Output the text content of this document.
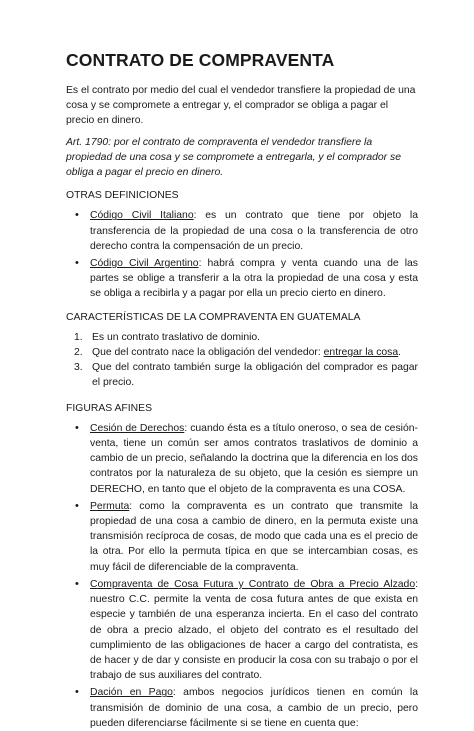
CONTRATO DE COMPRAVENTA

Es el contrato por medio del cual el vendedor transfiere la propiedad de una cosa y se compromete a entregar y, el comprador se obliga a pagar el precio en dinero.

Art. 1790: por el contrato de compraventa el vendedor transfiere la propiedad de una cosa y se compromete a entregarla, y el comprador se obliga a pagar el precio en dinero.

OTRAS DEFINICIONES
• Código Civil Italiano: es un contrato que tiene por objeto la transferencia de la propiedad de una cosa o la transferencia de otro derecho contra la compensación de un precio.
• Código Civil Argentino: habrá compra y venta cuando una de las partes se oblige a transferir a la otra la propiedad de una cosa y esta se obliga a recibirla y a pagar por ella un precio cierto en dinero.
CARACTERÍSTICAS DE LA COMPRAVENTA EN GUATEMALA
1. Es un contrato traslativo de dominio.
2. Que del contrato nace la obligación del vendedor: entregar la cosa.
3. Que del contrato también surge la obligación del comprador es pagar el precio.
FIGURAS AFINES
• Cesión de Derechos: cuando ésta es a título oneroso, o sea de cesión-venta, tiene un común ser amos contratos traslativos de dominio a cambio de un precio, señalando la doctrina que la diferencia en los dos contratos por la naturaleza de su objeto, que la cesión es siempre un DERECHO, en tanto que el objeto de la compraventa es una COSA.
• Permuta: como la compraventa es un contrato que transmite la propiedad de una cosa a cambio de dinero, en la permuta existe una transmisión recíproca de cosas, de modo que cada una es el precio de la otra. Por ello la permuta típica en que se intercambian cosas, es muy fácil de diferenciable de la compraventa.
• Compraventa de Cosa Futura y Contrato de Obra a Precio Alzado: nuestro C.C. permite la venta de cosa futura antes de que exista en especie y también de una esperanza incierta. En el caso del contrato de obra a precio alzado, el objeto del contrato es el resultado del cumplimiento de las obligaciones de hacer a cargo del contratista, es de hacer y de dar y consiste en producir la cosa con su trabajo o por el trabajo de sus auxiliares del contrato.
• Dación en Pago: ambos negocios jurídicos tienen en común la transmisión de dominio de una cosa, a cambio de un precio, pero pueden diferenciarse fácilmente si se tiene en cuenta que:
